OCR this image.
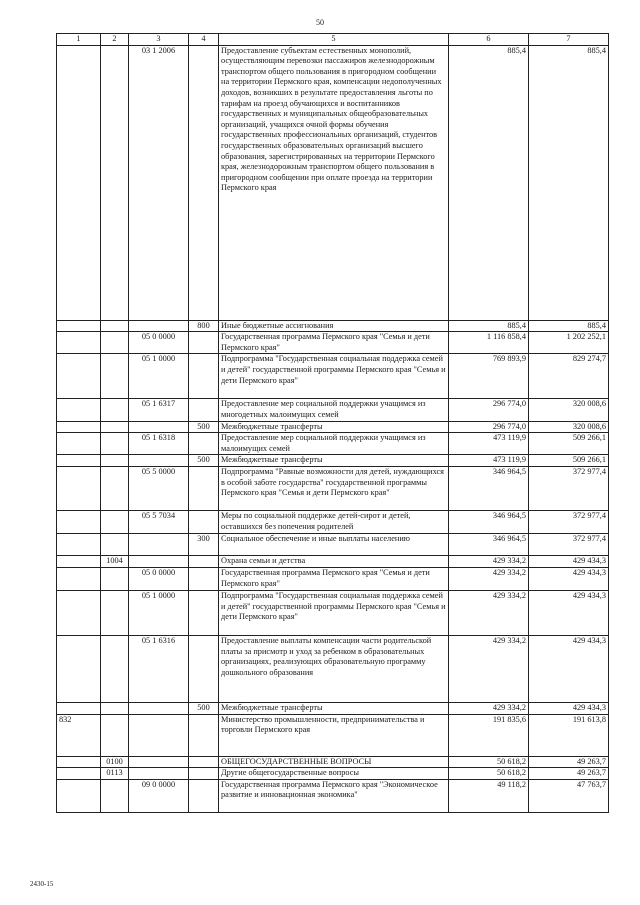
50
1	2	3	4	5	6	7
		03 1 2006		Предоставление субъектам естественных монополий, осуществляющим перевозки пассажиров железнодорожным транспортом общего пользования в пригородном сообщении на территории Пермского края, компенсации недополученных доходов, возникших в результате предоставления льготы по тарифам на проезд обучающихся и воспитанников государственных и муниципальных общеобразовательных организаций, учащихся очной формы обучения государственных профессиональных организаций, студентов государственных образовательных организаций высшего образования, зарегистрированных на территории Пермского края, железнодорожным транспортом общего пользования в пригородном сообщении при оплате проезда на территории Пермского края	885,4	885,4
			800	Иные бюджетные ассигнования	885,4	885,4
		05 0 0000		Государственная программа Пермского края "Семья и дети Пермского края"	1 116 858,4	1 202 252,1
		05 1 0000		Подпрограмма "Государственная социальная поддержка семей и детей" государственной программы Пермского края "Семья и дети Пермского края"	769 893,9	829 274,7
		05 1 6317		Предоставление мер социальной поддержки учащимся из многодетных малоимущих семей	296 774,0	320 008,6
			500	Межбюджетные трансферты	296 774,0	320 008,6
		05 1 6318		Предоставление мер социальной поддержки учащимся из малоимущих семей	473 119,9	509 266,1
			500	Межбюджетные трансферты	473 119,9	509 266,1
		05 5 0000		Подпрограмма "Равные возможности для детей, нуждающихся в особой заботе государства" государственной программы Пермского края "Семья и дети Пермского края"	346 964,5	372 977,4
		05 5 7034		Меры по социальной поддержке детей-сирот и детей, оставшихся без попечения родителей	346 964,5	372 977,4
			300	Социальное обеспечение и иные выплаты населению	346 964,5	372 977,4
	1004			Охрана семьи и детства	429 334,2	429 434,3
		05 0 0000		Государственная программа Пермского края "Семья и дети Пермского края"	429 334,2	429 434,3
		05 1 0000		Подпрограмма "Государственная социальная поддержка семей и детей" государственной программы Пермского края "Семья и дети Пермского края"	429 334,2	429 434,3
		05 1 6316		Предоставление выплаты компенсации части родительской платы за присмотр и уход за ребенком в образовательных организациях, реализующих образовательную программу дошкольного образования	429 334,2	429 434,3
			500	Межбюджетные трансферты	429 334,2	429 434,3
832				Министерство промышленности, предпринимательства и торговли Пермского края	191 835,6	191 613,8
	0100			ОБЩЕГОСУДАРСТВЕННЫЕ ВОПРОСЫ	50 618,2	49 263,7
	0113			Другие общегосударственные вопросы	50 618,2	49 263,7
		09 0 0000		Государственная программа Пермского края "Экономическое развитие и инновационная экономика"	49 118,2	47 763,7
2430-15
